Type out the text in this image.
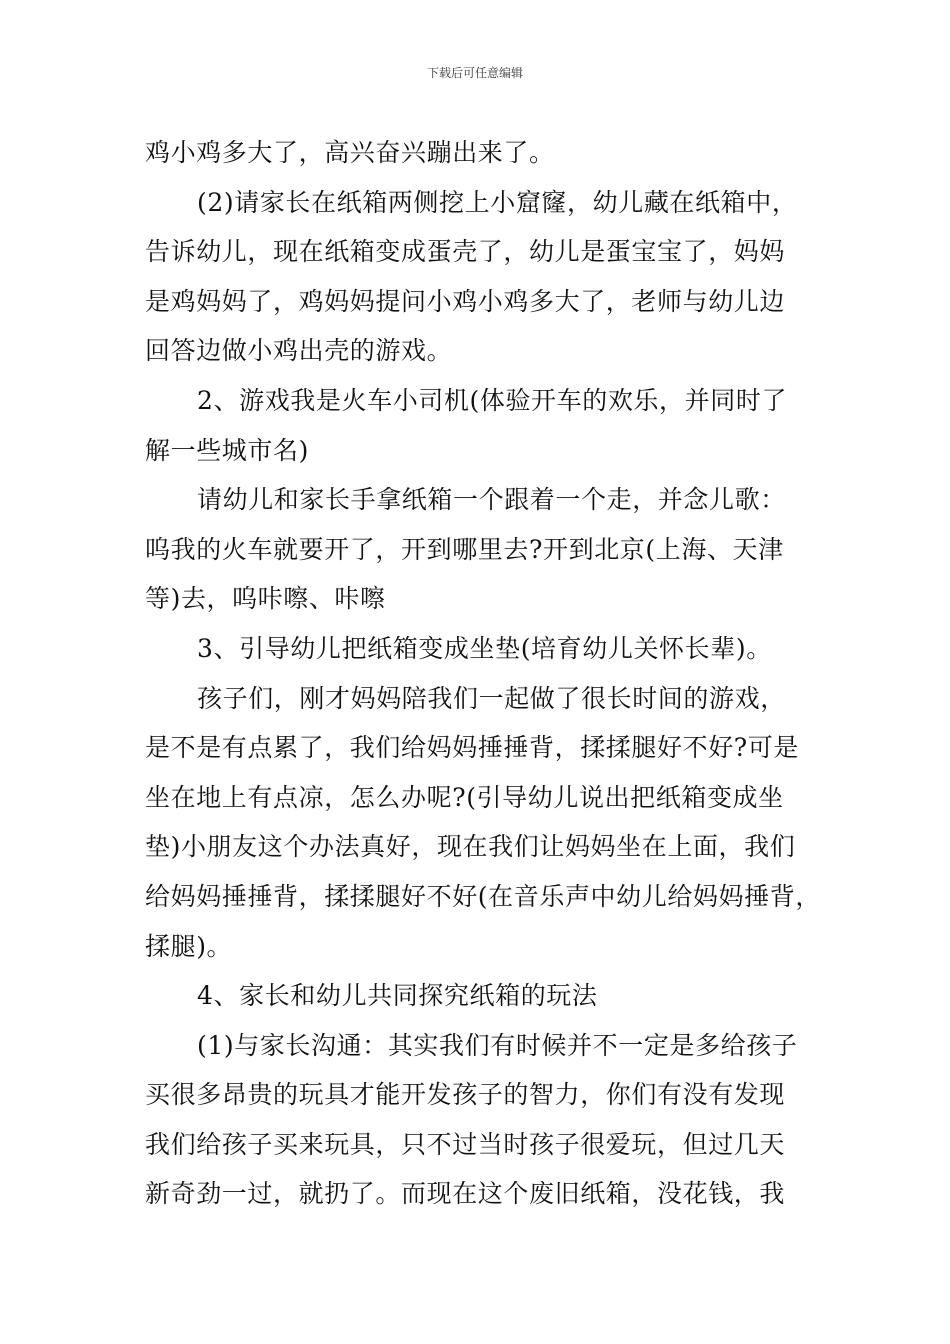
下载后可任意编辑
鸡小鸡多大了，高兴奋兴蹦出来了。
(2)请家长在纸箱两侧挖上小窟窿，幼儿藏在纸箱中，
告诉幼儿，现在纸箱变成蛋壳了，幼儿是蛋宝宝了，妈妈
是鸡妈妈了，鸡妈妈提问小鸡小鸡多大了，老师与幼儿边
回答边做小鸡出壳的游戏。
2、游戏我是火车小司机(体验开车的欢乐，并同时了
解一些城市名)
请幼儿和家长手拿纸箱一个跟着一个走，并念儿歌：
呜我的火车就要开了，开到哪里去?开到北京(上海、天津
等)去，呜咔嚓、咔嚓
3、引导幼儿把纸箱变成坐垫(培育幼儿关怀长辈)。
孩子们，刚才妈妈陪我们一起做了很长时间的游戏，
是不是有点累了，我们给妈妈捶捶背，揉揉腿好不好?可是
坐在地上有点凉，怎么办呢?(引导幼儿说出把纸箱变成坐
垫)小朋友这个办法真好，现在我们让妈妈坐在上面，我们
给妈妈捶捶背，揉揉腿好不好(在音乐声中幼儿给妈妈捶背，
揉腿)。
4、家长和幼儿共同探究纸箱的玩法
(1)与家长沟通：其实我们有时候并不一定是多给孩子
买很多昂贵的玩具才能开发孩子的智力，你们有没有发现
我们给孩子买来玩具，只不过当时孩子很爱玩，但过几天
新奇劲一过，就扔了。而现在这个废旧纸箱，没花钱，我
